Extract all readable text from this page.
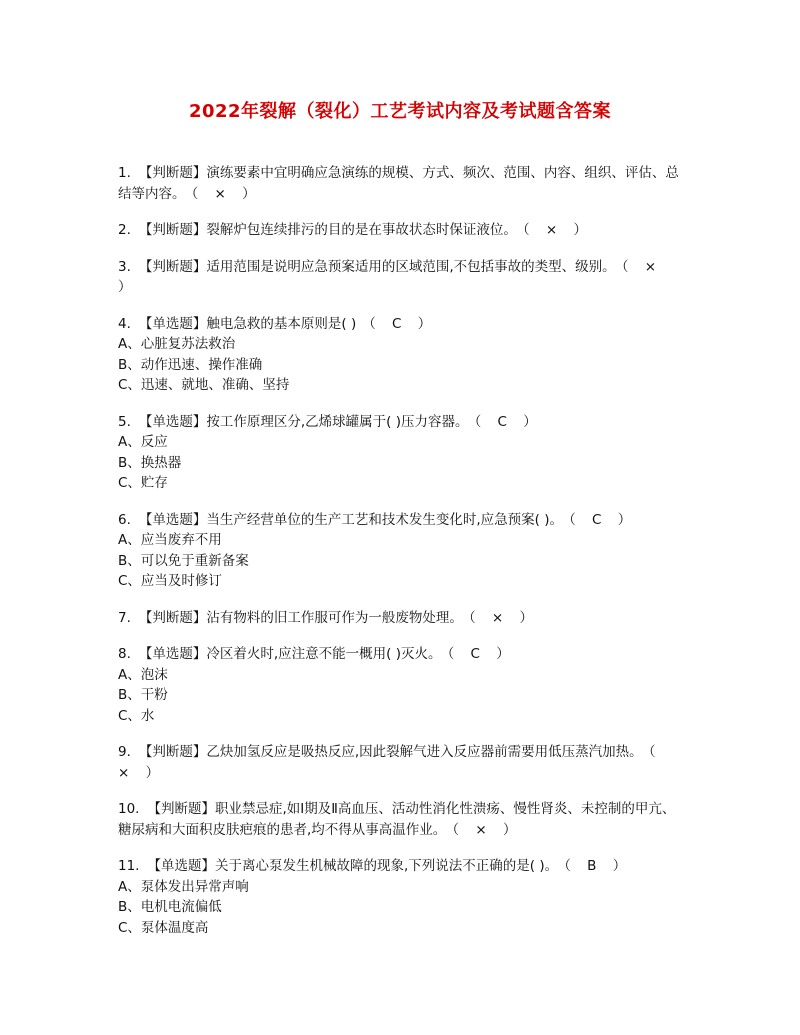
2022年裂解（裂化）工艺考试内容及考试题含答案
1. 【判断题】演练要素中宜明确应急演练的规模、方式、频次、范围、内容、组织、评估、总结等内容。 （ × ）
2. 【判断题】裂解炉包连续排污的目的是在事故状态时保证液位。 （ × ）
3. 【判断题】适用范围是说明应急预案适用的区域范围,不包括事故的类型、级别。 （ × ）
4. 【单选题】触电急救的基本原则是( ) （ C ）
A、心脏复苏法救治
B、动作迅速、操作准确
C、迅速、就地、准确、坚持
5. 【单选题】按工作原理区分,乙烯球罐属于( )压力容器。 （ C ）
A、反应
B、换热器
C、贮存
6. 【单选题】当生产经营单位的生产工艺和技术发生变化时,应急预案( )。 （ C ）
A、应当废弃不用
B、可以免于重新备案
C、应当及时修订
7. 【判断题】沾有物料的旧工作服可作为一般废物处理。 （ × ）
8. 【单选题】冷区着火时,应注意不能一概用( )灭火。 （ C ）
A、泡沫
B、干粉
C、水
9. 【判断题】乙炔加氢反应是吸热反应,因此裂解气进入反应器前需要用低压蒸汽加热。 （ × ）
10. 【判断题】职业禁忌症,如Ⅰ期及Ⅱ高血压、活动性消化性溃疡、慢性肾炎、未控制的甲亢、糖尿病和大面积皮肤疤痕的患者,均不得从事高温作业。 （ × ）
11. 【单选题】关于离心泵发生机械故障的现象,下列说法不正确的是( )。 （ B ）
A、泵体发出异常声响
B、电机电流偏低
C、泵体温度高
